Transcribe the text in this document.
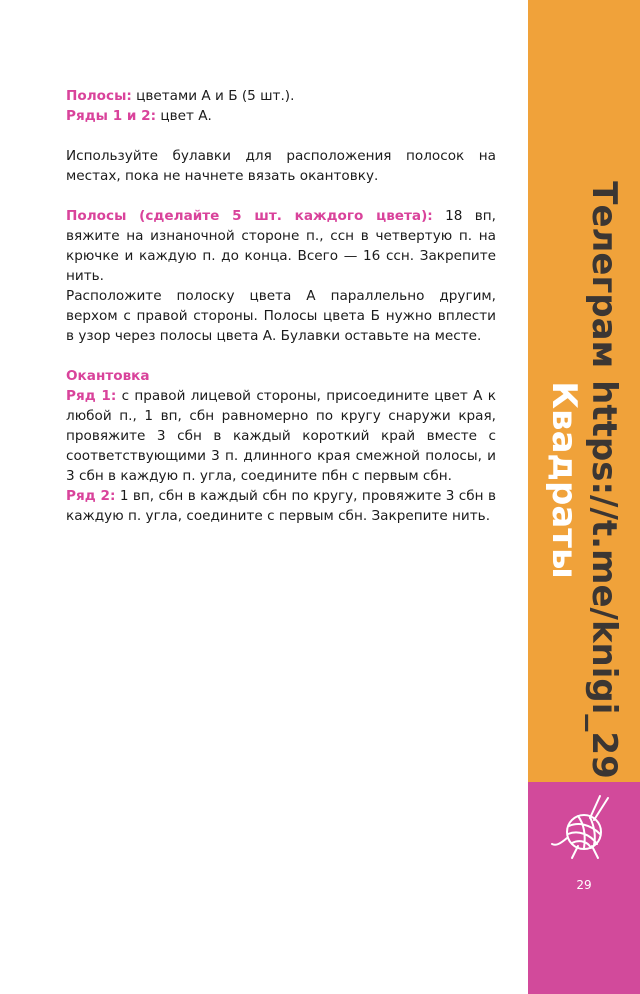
Полосы: цветами А и Б (5 шт.).

Ряды 1 и 2: цвет А.

Используйте булавки для расположения полосок на местах, пока не начнете вязать окантовку.

Полосы (сделайте 5 шт. каждого цвета): 18 вп, вяжите на изнаночной стороне п., ссн в четвертую п. на крючке и каждую п. до конца. Всего — 16 ссн. Закрепите нить.

Расположите полоску цвета А параллельно другим, верхом с правой стороны. Полосы цвета Б нужно вплести в узор через полосы цвета А. Булавки оставьте на месте.

Окантовка

Ряд 1: с правой лицевой стороны, присоедините цвет А к любой п., 1 вп, сбн равномерно по кругу снаружи края, провяжите 3 сбн в каждый короткий край вместе с соответствующими 3 п. длинного края смежной полосы, и 3 сбн в каждую п. угла, соедините пбн с первым сбн.

Ряд 2: 1 вп, сбн в каждый сбн по кругу, провяжите 3 сбн в каждую п. угла, соедините с первым сбн. Закрепите нить.	Телеграм https://t.me/knigi_29
Квадраты
29
